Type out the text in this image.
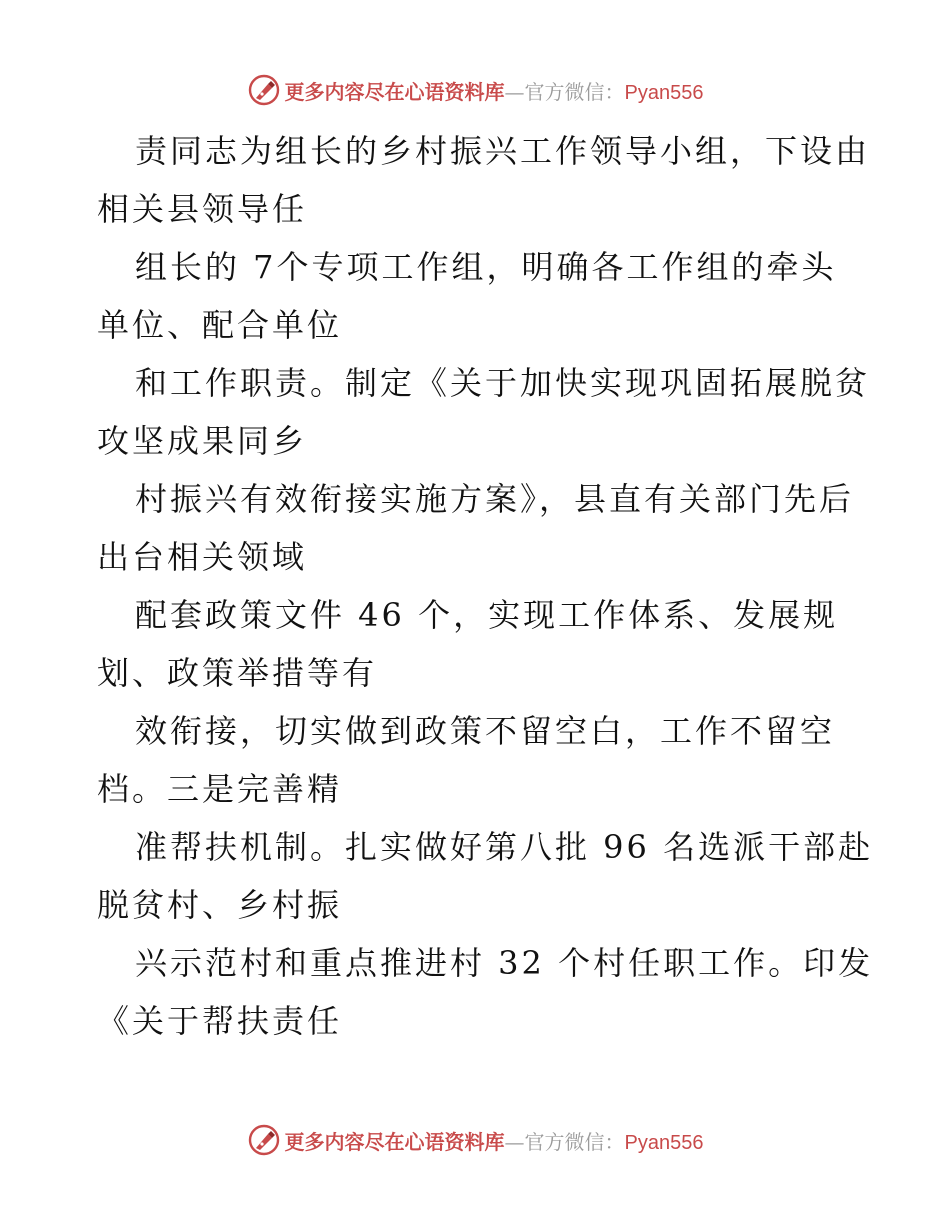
更多内容尽在心语资料库—官方微信：Pyan556
责同志为组长的乡村振兴工作领导小组，下设由
相关县领导任
组长的 7个专项工作组，明确各工作组的牵头
单位、配合单位
和工作职责。制定《关于加快实现巩固拓展脱贫
攻坚成果同乡
村振兴有效衔接实施方案》，县直有关部门先后
出台相关领域
配套政策文件 46 个，实现工作体系、发展规
划、政策举措等有
效衔接，切实做到政策不留空白，工作不留空
档。三是完善精
准帮扶机制。扎实做好第八批 96 名选派干部赴
脱贫村、乡村振
兴示范村和重点推进村 32 个村任职工作。印发
《关于帮扶责任
更多内容尽在心语资料库—官方微信：Pyan556
